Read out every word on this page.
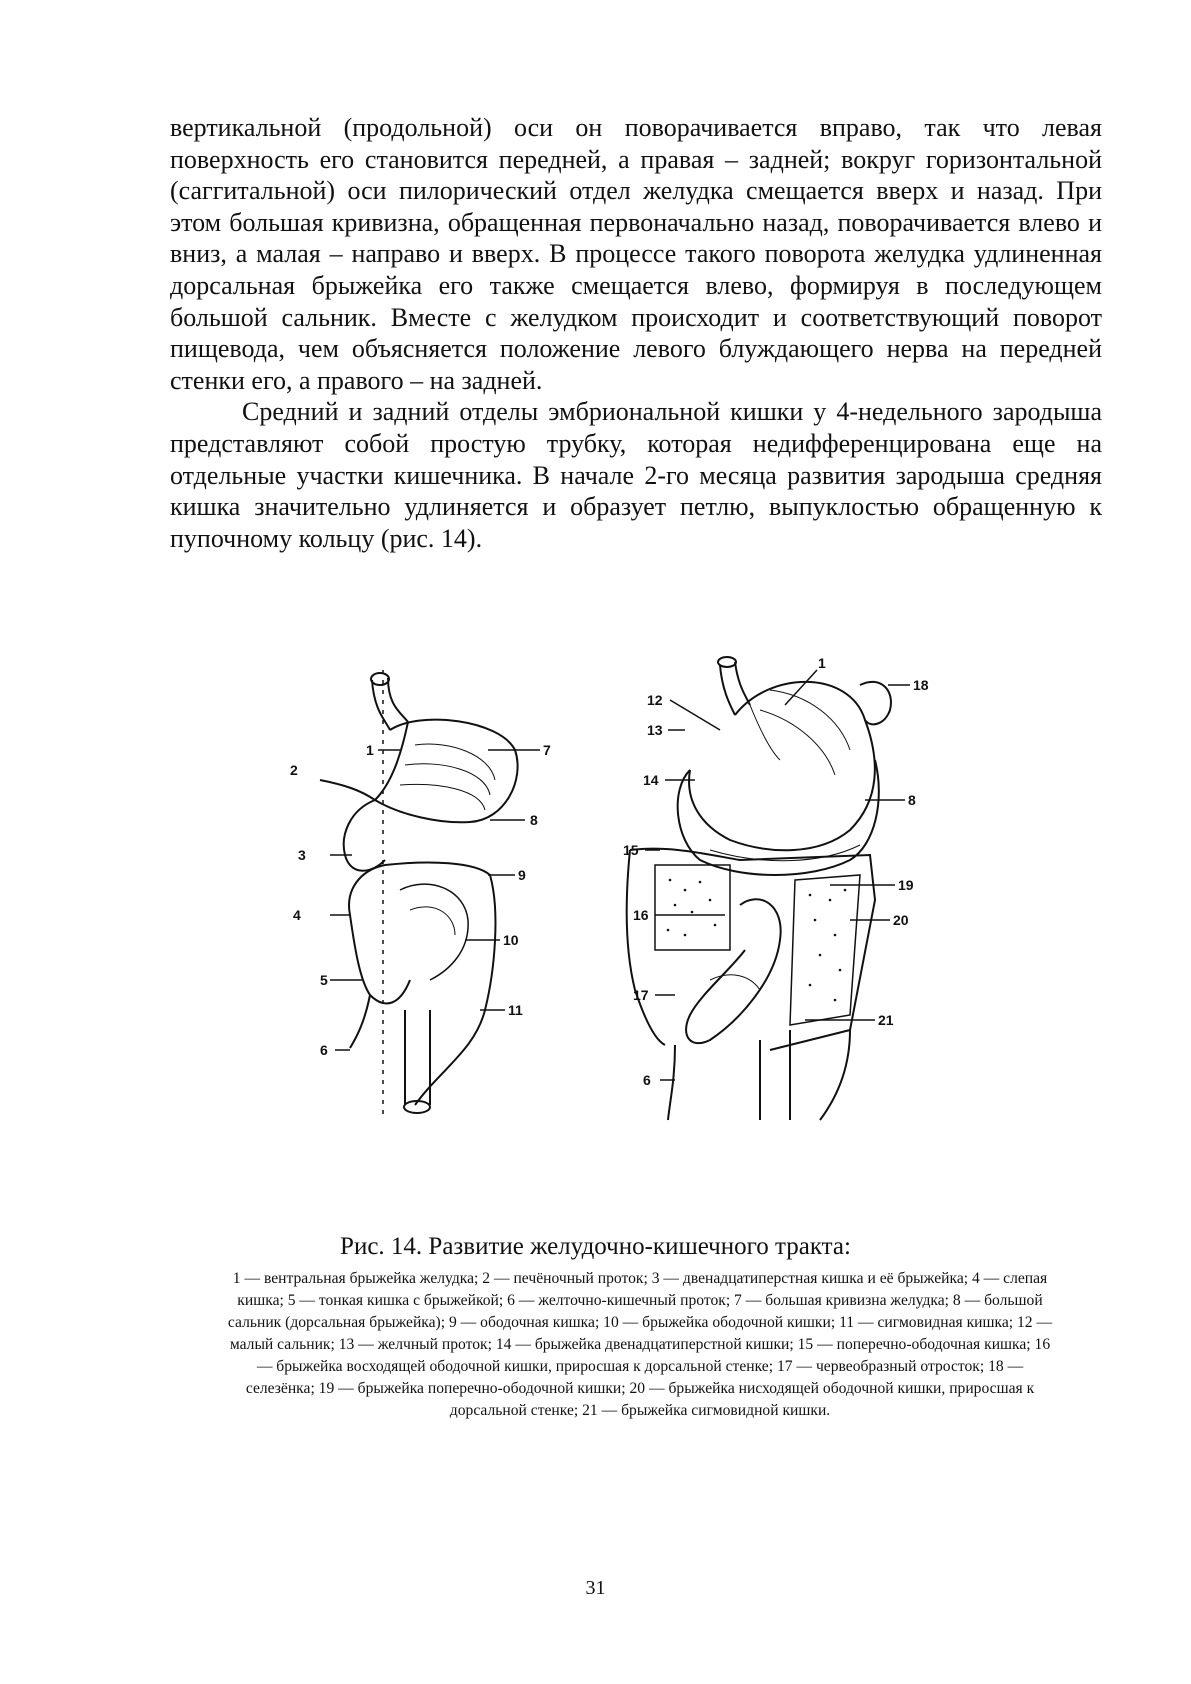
вертикальной (продольной) оси он поворачивается вправо, так что левая поверхность его становится передней, а правая – задней; вокруг горизонтальной (саггитальной) оси пилорический отдел желудка смещается вверх и назад. При этом большая кривизна, обращенная первоначально назад, поворачивается влево и вниз, а малая – направо и вверх. В процессе такого поворота желудка удлиненная дорсальная брыжейка его также смещается влево, формируя в последующем большой сальник. Вместе с желудком происходит и соответствующий поворот пищевода, чем объясняется положение левого блуждающего нерва на передней стенки его, а правого – на задней.

Средний и задний отделы эмбриональной кишки у 4-недельного зародыша представляют собой простую трубку, которая недифференцирована еще на отдельные участки кишечника. В начале 2-го месяца развития зародыша средняя кишка значительно удлиняется и образует петлю, выпуклостью обращенную к пупочному кольцу (рис. 14).

1
2
3
4
5
6
7
8
9
10
11
1
12
13
14
15
16
17
6
18
8
19
20
21
Рис. 14. Развитие желудочно-кишечного тракта:
1 — вентральная брыжейка желудка; 2 — печёночный проток; 3 — двенадцатиперстная кишка и её брыжейка; 4 — слепая кишка; 5 — тонкая кишка с брыжейкой; 6 — желточно-кишечный проток; 7 — большая кривизна желудка; 8 — большой сальник (дорсальная брыжейка); 9 — ободочная кишка; 10 — брыжейка ободочной кишки; 11 — сигмовидная кишка; 12 — малый сальник; 13 — желчный проток; 14 — брыжейка двенадцатиперстной кишки; 15 — поперечно-ободочная кишка; 16 — брыжейка восходящей ободочной кишки, приросшая к дорсальной стенке; 17 — червеобразный отросток; 18 — селезёнка; 19 — брыжейка поперечно-ободочной кишки; 20 — брыжейка нисходящей ободочной кишки, приросшая к дорсальной стенке; 21 — брыжейка сигмовидной кишки.
31
